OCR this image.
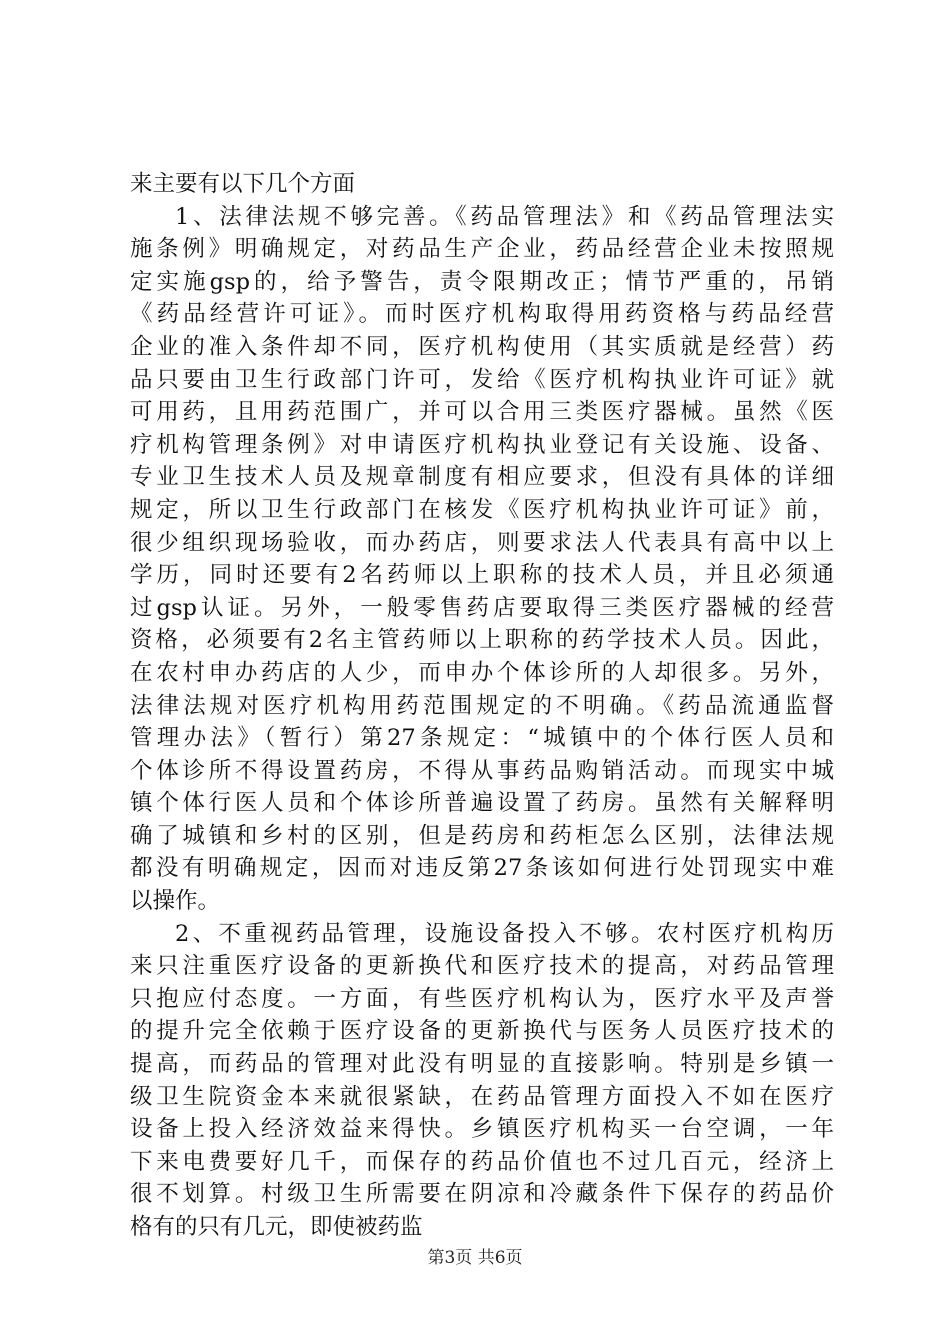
来主要有以下几个方面
1、法律法规不够完善。《药品管理法》和《药品管理法实
施条例》明确规定，对药品生产企业，药品经营企业未按照规
定实施gsp的，给予警告，责令限期改正；情节严重的，吊销
《药品经营许可证》。而时医疗机构取得用药资格与药品经营
企业的准入条件却不同，医疗机构使用（其实质就是经营）药
品只要由卫生行政部门许可，发给《医疗机构执业许可证》就
可用药，且用药范围广，并可以合用三类医疗器械。虽然《医
疗机构管理条例》对申请医疗机构执业登记有关设施、设备、
专业卫生技术人员及规章制度有相应要求，但没有具体的详细
规定，所以卫生行政部门在核发《医疗机构执业许可证》前，
很少组织现场验收，而办药店，则要求法人代表具有高中以上
学历，同时还要有2名药师以上职称的技术人员，并且必须通
过gsp认证。另外，一般零售药店要取得三类医疗器械的经营
资格，必须要有2名主管药师以上职称的药学技术人员。因此，
在农村申办药店的人少，而申办个体诊所的人却很多。另外，
法律法规对医疗机构用药范围规定的不明确。《药品流通监督
管理办法》（暂行）第27条规定：“城镇中的个体行医人员和
个体诊所不得设置药房，不得从事药品购销活动。而现实中城
镇个体行医人员和个体诊所普遍设置了药房。虽然有关解释明
确了城镇和乡村的区别，但是药房和药柜怎么区别，法律法规
都没有明确规定，因而对违反第27条该如何进行处罚现实中难
以操作。
2、不重视药品管理，设施设备投入不够。农村医疗机构历
来只注重医疗设备的更新换代和医疗技术的提高，对药品管理
只抱应付态度。一方面，有些医疗机构认为，医疗水平及声誉
的提升完全依赖于医疗设备的更新换代与医务人员医疗技术的
提高，而药品的管理对此没有明显的直接影响。特别是乡镇一
级卫生院资金本来就很紧缺，在药品管理方面投入不如在医疗
设备上投入经济效益来得快。乡镇医疗机构买一台空调，一年
下来电费要好几千，而保存的药品价值也不过几百元，经济上
很不划算。村级卫生所需要在阴凉和冷藏条件下保存的药品价
格有的只有几元，即使被药监
第3页 共6页
